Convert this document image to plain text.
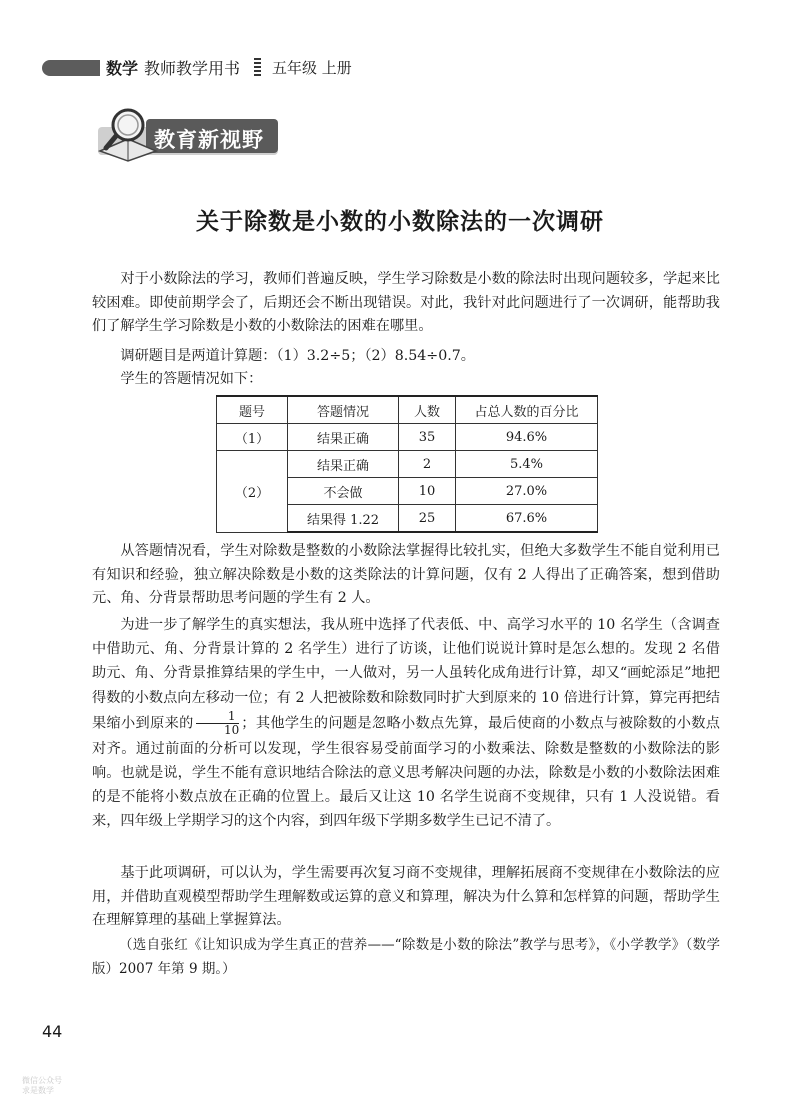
数学 教师教学用书 五年级 上册
教育新视野
关于除数是小数的小数除法的一次调研

对于小数除法的学习，教师们普遍反映，学生学习除数是小数的除法时出现问题较多，学起来比较困难。即使前期学会了，后期还会不断出现错误。对此，我针对此问题进行了一次调研，能帮助我们了解学生学习除数是小数的小数除法的困难在哪里。

调研题目是两道计算题：（1）3.2÷5；（2）8.54÷0.7。

学生的答题情况如下：

题号	答题情况	人数	占总人数的百分比
（1）	结果正确	35	94.6%
（2）	结果正确	2	5.4%
	不会做	10	27.0%
	结果得 1.22	25	67.6%

从答题情况看，学生对除数是整数的小数除法掌握得比较扎实，但绝大多数学生不能自觉利用已有知识和经验，独立解决除数是小数的这类除法的计算问题，仅有 2 人得出了正确答案，想到借助元、角、分背景帮助思考问题的学生有 2 人。

为进一步了解学生的真实想法，我从班中选择了代表低、中、高学习水平的 10 名学生（含调查中借助元、角、分背景计算的 2 名学生）进行了访谈，让他们说说计算时是怎么想的。发现 2 名借助元、角、分背景推算结果的学生中，一人做对，另一人虽转化成角进行计算，却又“画蛇添足”地把得数的小数点向左移动一位；有 2 人把被除数和除数同时扩大到原来的 10 倍进行计算，算完再把结果缩小到原来的 $\frac{1}{10}$ ；其他学生的问题是忽略小数点先算，最后使商的小数点与被除数的小数点对齐。通过前面的分析可以发现，学生很容易受前面学习的小数乘法、除数是整数的小数除法的影响。也就是说，学生不能有意识地结合除法的意义思考解决问题的办法，除数是小数的小数除法困难的是不能将小数点放在正确的位置上。最后又让这 10 名学生说商不变规律，只有 1 人没说错。看来，四年级上学期学习的这个内容，到四年级下学期多数学生已记不清了。

基于此项调研，可以认为，学生需要再次复习商不变规律，理解拓展商不变规律在小数除法的应用，并借助直观模型帮助学生理解数或运算的意义和算理，解决为什么算和怎样算的问题，帮助学生在理解算理的基础上掌握算法。

（选自张红《让知识成为学生真正的营养——“除数是小数的除法”教学与思考》，《小学教学》（数学版）2007 年第 9 期。）

44
微信公众号
求是数学
